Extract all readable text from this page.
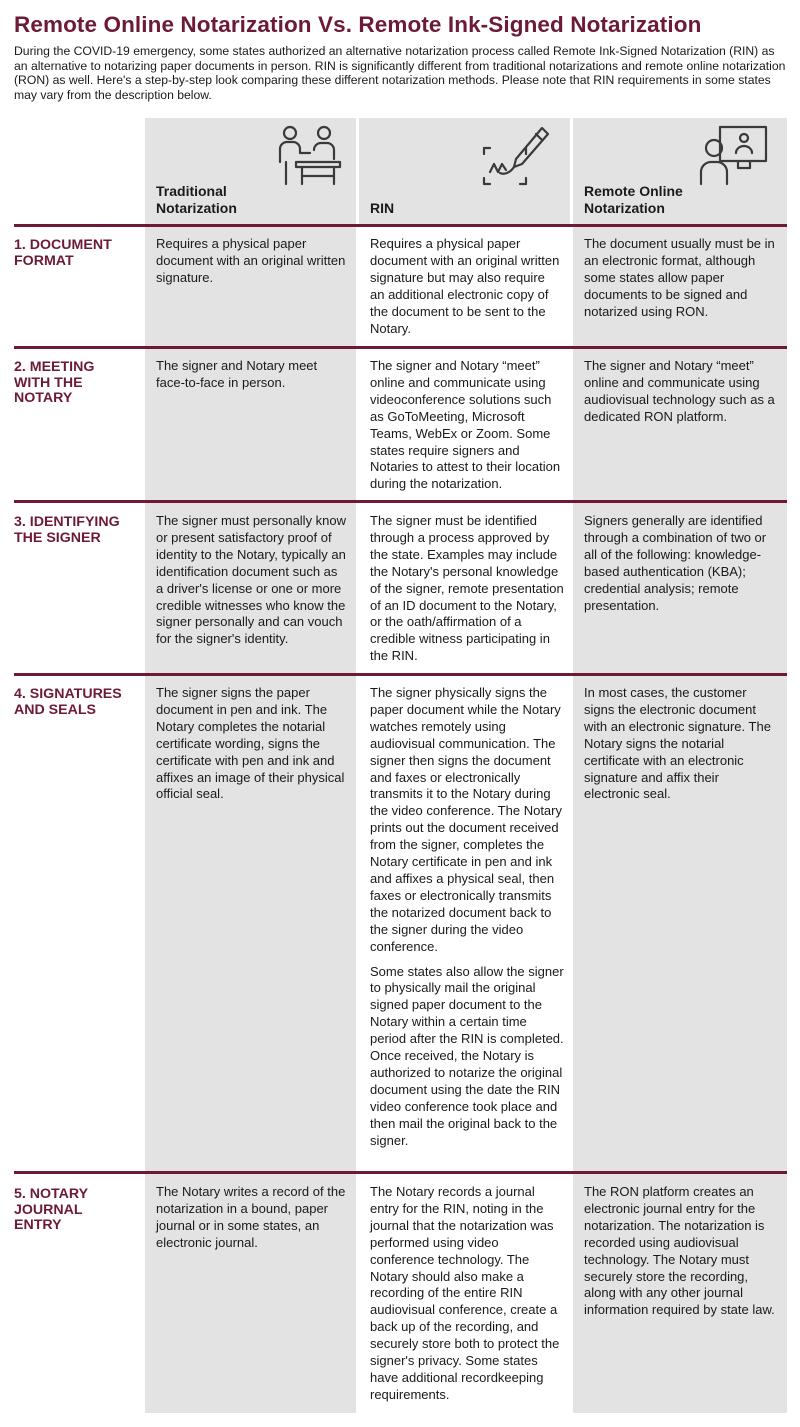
Remote Online Notarization Vs. Remote Ink-Signed Notarization
During the COVID-19 emergency, some states authorized an alternative notarization process called Remote Ink-Signed Notarization (RIN) as an alternative to notarizing paper documents in person. RIN is significantly different from traditional notarizations and remote online notarization (RON) as well. Here's a step-by-step look comparing these different notarization methods. Please note that RIN requirements in some states may vary from the description below.
Traditional Notarization	RIN
Remote Online Notarization
1. DOCUMENT FORMAT

Requires a physical paper document with an original written signature.

Requires a physical paper document with an original written signature but may also require an additional electronic copy of the document to be sent to the Notary.

The document usually must be in an electronic format, although some states allow paper documents to be signed and notarized using RON.

2. MEETING WITH THE NOTARY

The signer and Notary meet face-to-face in person.

The signer and Notary “meet” online and communicate using videoconference solutions such as GoToMeeting, Microsoft Teams, WebEx or Zoom. Some states require signers and Notaries to attest to their location during the notarization.

The signer and Notary “meet” online and communicate using audiovisual technology such as a dedicated RON platform.

3. IDENTIFYING THE SIGNER

The signer must personally know or present satisfactory proof of identity to the Notary, typically an identification document such as a driver's license or one or more credible witnesses who know the signer personally and can vouch for the signer's identity.

The signer must be identified through a process approved by the state. Examples may include the Notary's personal knowledge of the signer, remote presentation of an ID document to the Notary, or the oath/affirmation of a credible witness participating in the RIN.

Signers generally are identified through a combination of two or all of the following: knowledge-based authentication (KBA); credential analysis; remote presentation.

4. SIGNATURES AND SEALS

The signer signs the paper document in pen and ink. The Notary completes the notarial certificate wording, signs the certificate with pen and ink and affixes an image of their physical official seal.

The signer physically signs the paper document while the Notary watches remotely using audiovisual communication. The signer then signs the document and faxes or electronically transmits it to the Notary during the video conference. The Notary prints out the document received from the signer, completes the Notary certificate in pen and ink and affixes a physical seal, then faxes or electronically transmits the notarized document back to the signer during the video conference.

Some states also allow the signer to physically mail the original signed paper document to the Notary within a certain time period after the RIN is completed. Once received, the Notary is authorized to notarize the original document using the date the RIN video conference took place and then mail the original back to the signer.

In most cases, the customer signs the electronic document with an electronic signature. The Notary signs the notarial certificate with an electronic signature and affix their electronic seal.

5. NOTARY JOURNAL ENTRY

The Notary writes a record of the notarization in a bound, paper journal or in some states, an electronic journal.

The Notary records a journal entry for the RIN, noting in the journal that the notarization was performed using video conference technology. The Notary should also make a recording of the entire RIN audiovisual conference, create a back up of the recording, and securely store both to protect the signer's privacy. Some states have additional recordkeeping requirements.

The RON platform creates an electronic journal entry for the notarization. The notarization is recorded using audiovisual technology. The Notary must securely store the recording, along with any other journal information required by state law.
